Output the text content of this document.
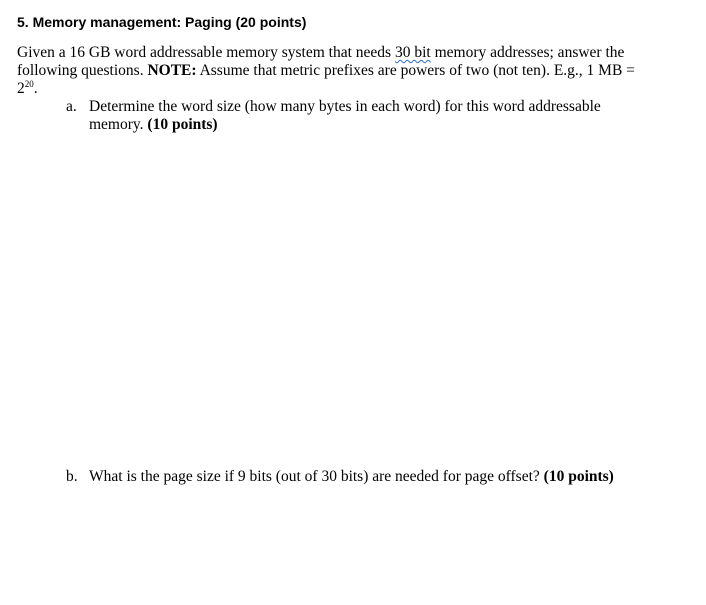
5. Memory management: Paging (20 points)
Given a 16 GB word addressable memory system that needs 30 bit memory addresses; answer the
following questions. NOTE: Assume that metric prefixes are powers of two (not ten). E.g., 1 MB =
$2^{20}$.
a. Determine the word size (how many bytes in each word) for this word addressable
memory. (10 points)
b. What is the page size if 9 bits (out of 30 bits) are needed for page offset? (10 points)
